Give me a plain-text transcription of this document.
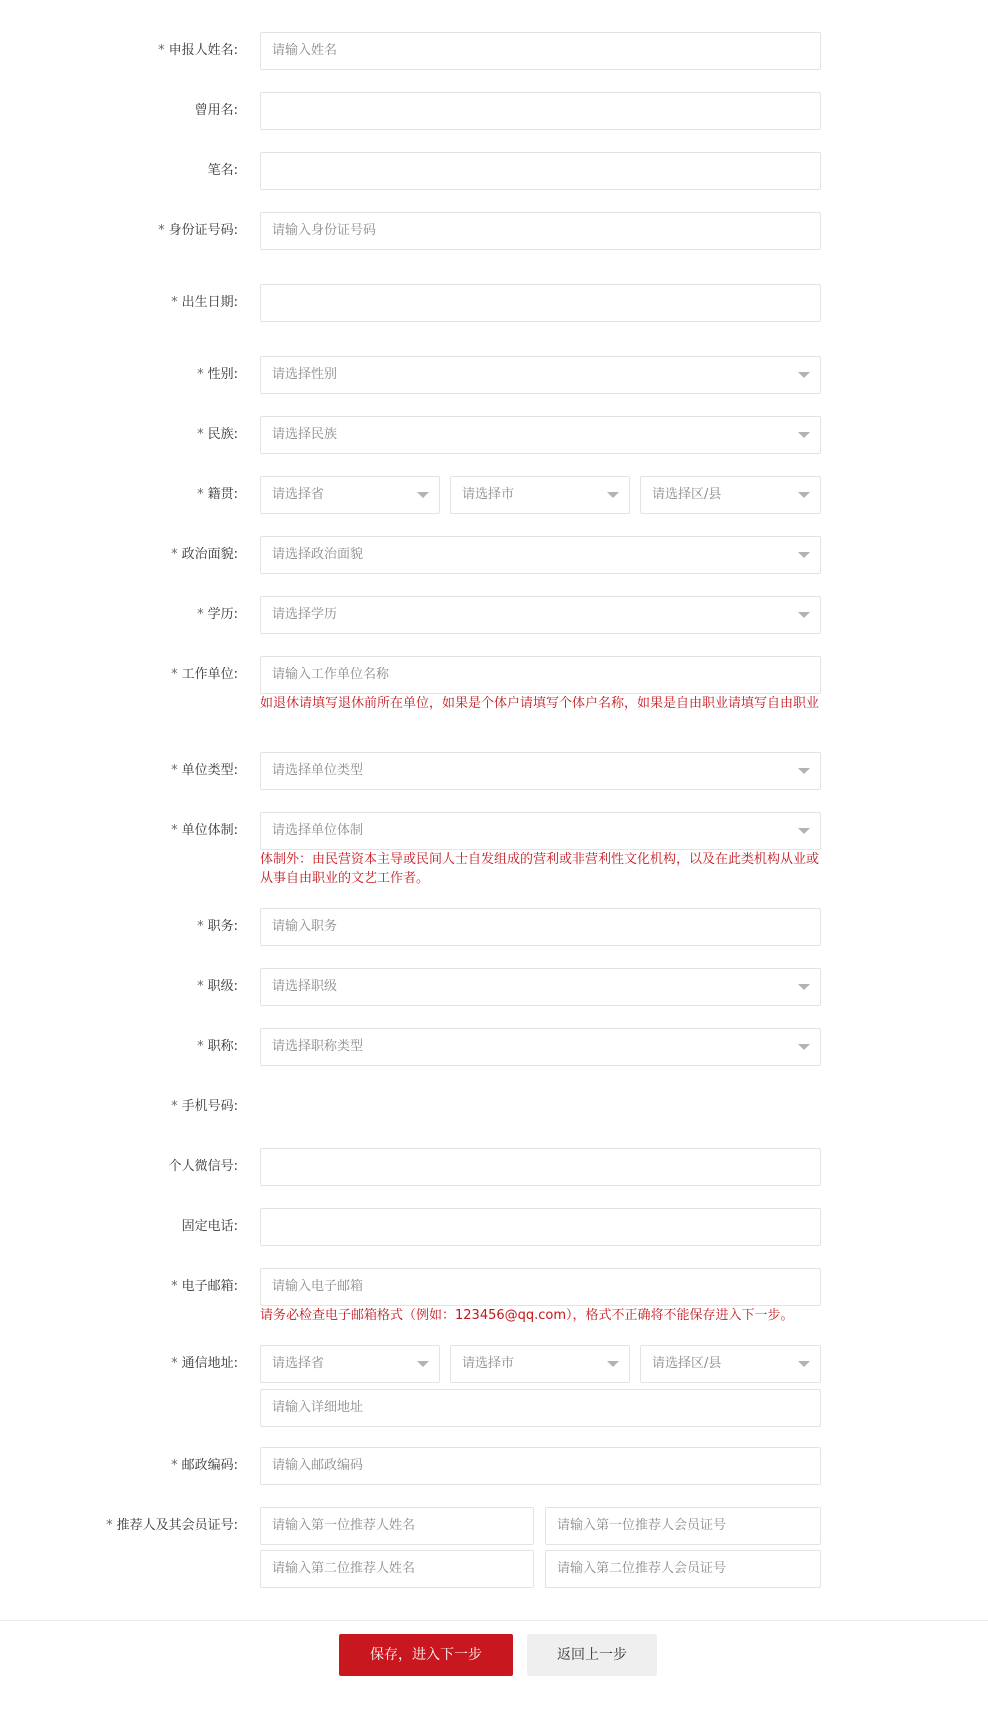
* 申报人姓名:	请输入姓名
曾用名:
笔名:
* 身份证号码:	请输入身份证号码
* 出生日期:
* 性别:	请选择性别
* 民族:	请选择民族
* 籍贯:	请选择省	请选择市	请选择区/县
* 政治面貌:	请选择政治面貌
* 学历:	请选择学历
* 工作单位:	请输入工作单位名称
如退休请填写退休前所在单位，如果是个体户请填写个体户名称，如果是自由职业请填写自由职业
* 单位类型:	请选择单位类型
* 单位体制:	请选择单位体制
体制外：由民营资本主导或民间人士自发组成的营利或非营利性文化机构，以及在此类机构从业或从事自由职业的文艺工作者。
* 职务:	请输入职务
* 职级:	请选择职级
* 职称:	请选择职称类型
* 手机号码:
个人微信号:
固定电话:
* 电子邮箱:	请输入电子邮箱
请务必检查电子邮箱格式（例如：123456@qq.com），格式不正确将不能保存进入下一步。
* 通信地址:	请选择省	请选择市	请选择区/县
请输入详细地址
* 邮政编码:	请输入邮政编码
* 推荐人及其会员证号:	请输入第一位推荐人姓名	请输入第一位推荐人会员证号
请输入第二位推荐人姓名	请输入第二位推荐人会员证号
保存，进入下一步	返回上一步
